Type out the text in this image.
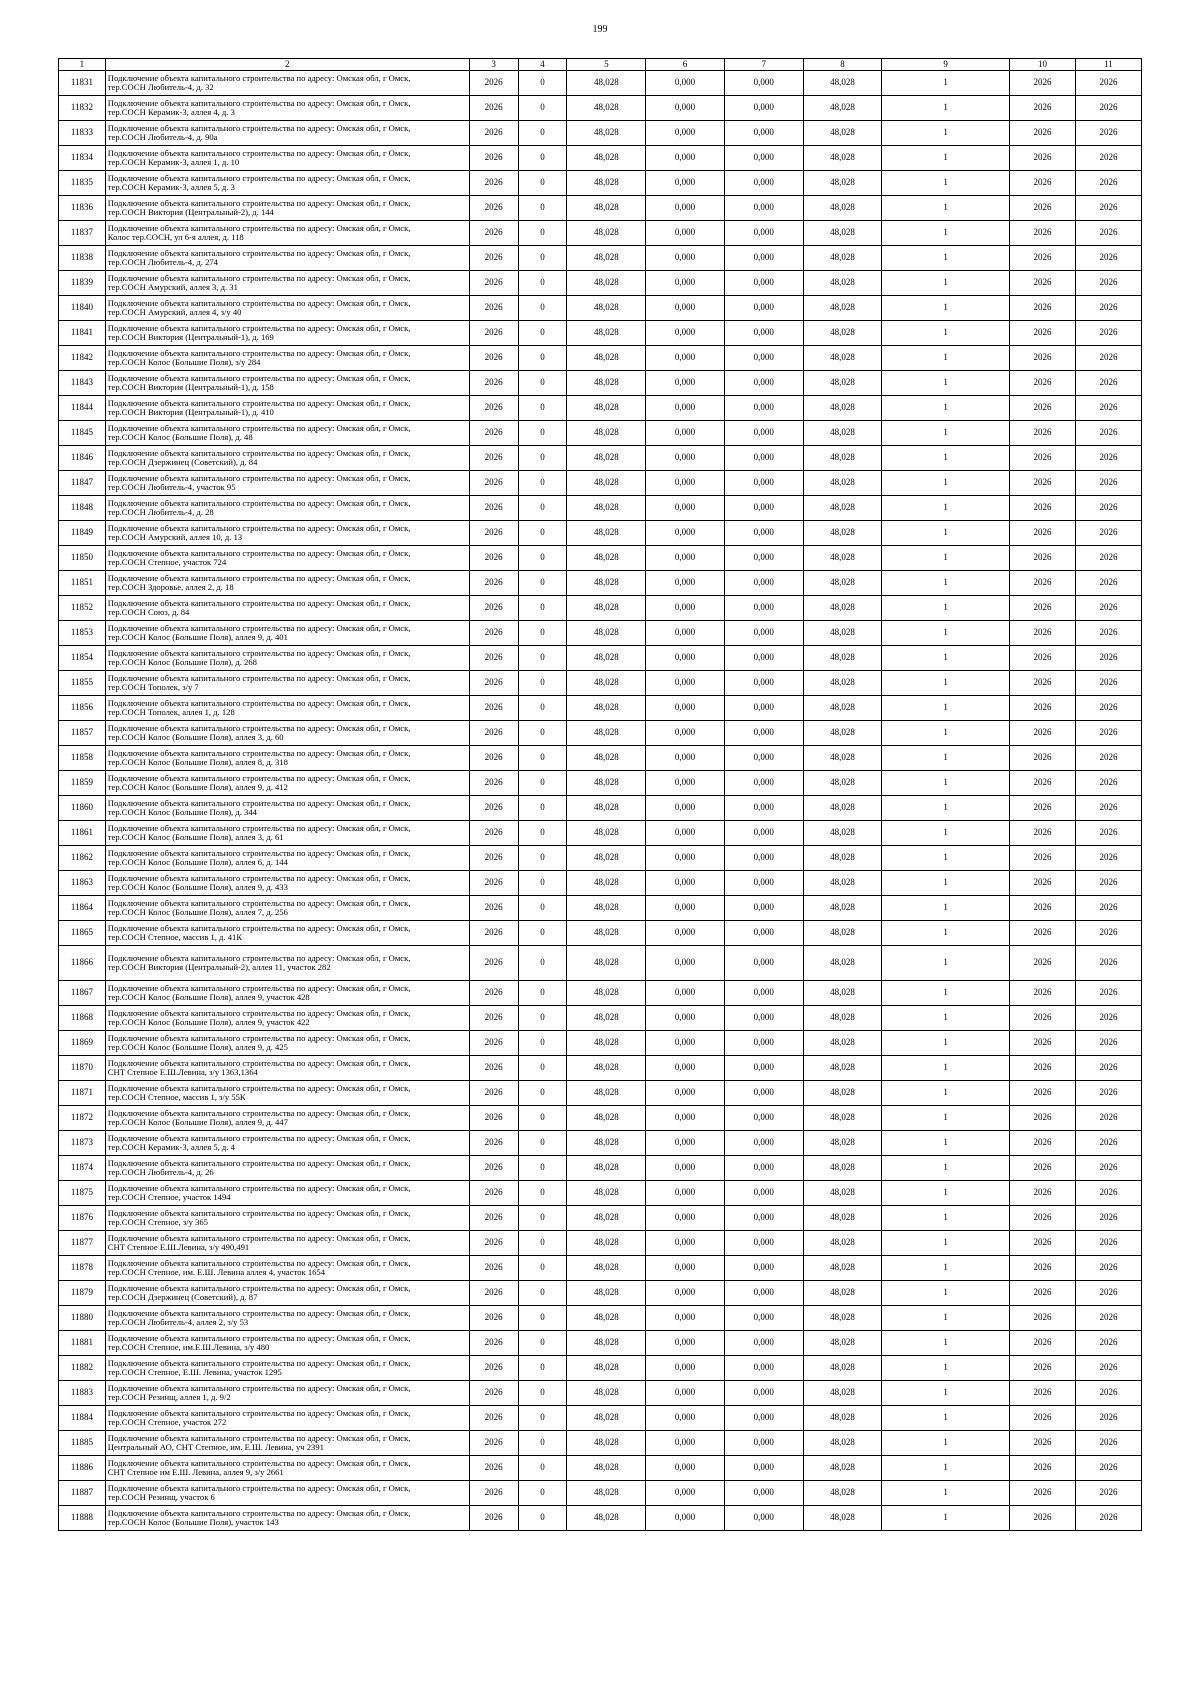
199
1	2	3	4	5	6	7	8	9	10	11
11831	Подключение объекта капитального строительства по адресу: Омская обл, г Омск,
тер.СОСН Любитель-4, д. 32	2026	0	48,028	0,000	0,000	48,028	1	2026	2026
11832	Подключение объекта капитального строительства по адресу: Омская обл, г Омск,
тер.СОСН Керамик-3, аллея 4, д. 3	2026	0	48,028	0,000	0,000	48,028	1	2026	2026
11833	Подключение объекта капитального строительства по адресу: Омская обл, г Омск,
тер.СОСН Любитель-4, д. 90а	2026	0	48,028	0,000	0,000	48,028	1	2026	2026
11834	Подключение объекта капитального строительства по адресу: Омская обл, г Омск,
тер.СОСН Керамик-3, аллея 1, д. 10	2026	0	48,028	0,000	0,000	48,028	1	2026	2026
11835	Подключение объекта капитального строительства по адресу: Омская обл, г Омск,
тер.СОСН Керамик-3, аллея 5, д. 3	2026	0	48,028	0,000	0,000	48,028	1	2026	2026
11836	Подключение объекта капитального строительства по адресу: Омская обл, г Омск,
тер.СОСН Виктория (Центральный-2), д. 144	2026	0	48,028	0,000	0,000	48,028	1	2026	2026
11837	Подключение объекта капитального строительства по адресу: Омская обл, г Омск,
Колос тер.СОСН, ул 6-я аллея, д. 118	2026	0	48,028	0,000	0,000	48,028	1	2026	2026
11838	Подключение объекта капитального строительства по адресу: Омская обл, г Омск,
тер.СОСН Любитель-4, д. 274	2026	0	48,028	0,000	0,000	48,028	1	2026	2026
11839	Подключение объекта капитального строительства по адресу: Омская обл, г Омск,
тер.СОСН Амурский, аллея 3, д. 31	2026	0	48,028	0,000	0,000	48,028	1	2026	2026
11840	Подключение объекта капитального строительства по адресу: Омская обл, г Омск,
тер.СОСН Амурский, аллея 4, з/у 40	2026	0	48,028	0,000	0,000	48,028	1	2026	2026
11841	Подключение объекта капитального строительства по адресу: Омская обл, г Омск,
тер.СОСН Виктория (Центральный-1), д. 169	2026	0	48,028	0,000	0,000	48,028	1	2026	2026
11842	Подключение объекта капитального строительства по адресу: Омская обл, г Омск,
тер.СОСН Колос (Большие Поля), з/у 284	2026	0	48,028	0,000	0,000	48,028	1	2026	2026
11843	Подключение объекта капитального строительства по адресу: Омская обл, г Омск,
тер.СОСН Виктория (Центральный-1), д. 158	2026	0	48,028	0,000	0,000	48,028	1	2026	2026
11844	Подключение объекта капитального строительства по адресу: Омская обл, г Омск,
тер.СОСН Виктория (Центральный-1), д. 410	2026	0	48,028	0,000	0,000	48,028	1	2026	2026
11845	Подключение объекта капитального строительства по адресу: Омская обл, г Омск,
тер.СОСН Колос (Большие Поля), д. 48	2026	0	48,028	0,000	0,000	48,028	1	2026	2026
11846	Подключение объекта капитального строительства по адресу: Омская обл, г Омск,
тер.СОСН Дзержинец (Советский), д. 84	2026	0	48,028	0,000	0,000	48,028	1	2026	2026
11847	Подключение объекта капитального строительства по адресу: Омская обл, г Омск,
тер.СОСН Любитель-4, участок 95	2026	0	48,028	0,000	0,000	48,028	1	2026	2026
11848	Подключение объекта капитального строительства по адресу: Омская обл, г Омск,
тер.СОСН Любитель-4, д. 28	2026	0	48,028	0,000	0,000	48,028	1	2026	2026
11849	Подключение объекта капитального строительства по адресу: Омская обл, г Омск,
тер.СОСН Амурский, аллея 10, д. 13	2026	0	48,028	0,000	0,000	48,028	1	2026	2026
11850	Подключение объекта капитального строительства по адресу: Омская обл, г Омск,
тер.СОСН Степное, участок 724	2026	0	48,028	0,000	0,000	48,028	1	2026	2026
11851	Подключение объекта капитального строительства по адресу: Омская обл, г Омск,
тер.СОСН Здоровье, аллея 2, д. 18	2026	0	48,028	0,000	0,000	48,028	1	2026	2026
11852	Подключение объекта капитального строительства по адресу: Омская обл, г Омск,
тер.СОСН Союз, д. 84	2026	0	48,028	0,000	0,000	48,028	1	2026	2026
11853	Подключение объекта капитального строительства по адресу: Омская обл, г Омск,
тер.СОСН Колос (Большие Поля), аллея 9, д. 401	2026	0	48,028	0,000	0,000	48,028	1	2026	2026
11854	Подключение объекта капитального строительства по адресу: Омская обл, г Омск,
тер.СОСН Колос (Большие Поля), д. 268	2026	0	48,028	0,000	0,000	48,028	1	2026	2026
11855	Подключение объекта капитального строительства по адресу: Омская обл, г Омск,
тер.СОСН Тополек, з/у 7	2026	0	48,028	0,000	0,000	48,028	1	2026	2026
11856	Подключение объекта капитального строительства по адресу: Омская обл, г Омск,
тер.СОСН Тополек, аллея 1, д. 128	2026	0	48,028	0,000	0,000	48,028	1	2026	2026
11857	Подключение объекта капитального строительства по адресу: Омская обл, г Омск,
тер.СОСН Колос (Большие Поля), аллея 3, д. 60	2026	0	48,028	0,000	0,000	48,028	1	2026	2026
11858	Подключение объекта капитального строительства по адресу: Омская обл, г Омск,
тер.СОСН Колос (Большие Поля), аллея 8, д. 318	2026	0	48,028	0,000	0,000	48,028	1	2026	2026
11859	Подключение объекта капитального строительства по адресу: Омская обл, г Омск,
тер.СОСН Колос (Большие Поля), аллея 9, д. 412	2026	0	48,028	0,000	0,000	48,028	1	2026	2026
11860	Подключение объекта капитального строительства по адресу: Омская обл, г Омск,
тер.СОСН Колос (Большие Поля), д. 344	2026	0	48,028	0,000	0,000	48,028	1	2026	2026
11861	Подключение объекта капитального строительства по адресу: Омская обл, г Омск,
тер.СОСН Колос (Большие Поля), аллея 3, д. 61	2026	0	48,028	0,000	0,000	48,028	1	2026	2026
11862	Подключение объекта капитального строительства по адресу: Омская обл, г Омск,
тер.СОСН Колос (Большие Поля), аллея 6, д. 144	2026	0	48,028	0,000	0,000	48,028	1	2026	2026
11863	Подключение объекта капитального строительства по адресу: Омская обл, г Омск,
тер.СОСН Колос (Большие Поля), аллея 9, д. 433	2026	0	48,028	0,000	0,000	48,028	1	2026	2026
11864	Подключение объекта капитального строительства по адресу: Омская обл, г Омск,
тер.СОСН Колос (Большие Поля), аллея 7, д. 256	2026	0	48,028	0,000	0,000	48,028	1	2026	2026
11865	Подключение объекта капитального строительства по адресу: Омская обл, г Омск,
тер.СОСН Степное, массив 1, д. 41К	2026	0	48,028	0,000	0,000	48,028	1	2026	2026
11866	Подключение объекта капитального строительства по адресу: Омская обл, г Омск,
тер.СОСН Виктория (Центральный-2), аллея 11, участок 282	2026	0	48,028	0,000	0,000	48,028	1	2026	2026
11867	Подключение объекта капитального строительства по адресу: Омская обл, г Омск,
тер.СОСН Колос (Большие Поля), аллея 9, участок 428	2026	0	48,028	0,000	0,000	48,028	1	2026	2026
11868	Подключение объекта капитального строительства по адресу: Омская обл, г Омск,
тер.СОСН Колос (Большие Поля), аллея 9, участок 422	2026	0	48,028	0,000	0,000	48,028	1	2026	2026
11869	Подключение объекта капитального строительства по адресу: Омская обл, г Омск,
тер.СОСН Колос (Большие Поля), аллея 9, д. 425	2026	0	48,028	0,000	0,000	48,028	1	2026	2026
11870	Подключение объекта капитального строительства по адресу: Омская обл, г Омск,
СНТ Степное Е.Ш.Левина, з/у 1363,1364	2026	0	48,028	0,000	0,000	48,028	1	2026	2026
11871	Подключение объекта капитального строительства по адресу: Омская обл, г Омск,
тер.СОСН Степное, массив 1, з/у 55К	2026	0	48,028	0,000	0,000	48,028	1	2026	2026
11872	Подключение объекта капитального строительства по адресу: Омская обл, г Омск,
тер.СОСН Колос (Большие Поля), аллея 9, д. 447	2026	0	48,028	0,000	0,000	48,028	1	2026	2026
11873	Подключение объекта капитального строительства по адресу: Омская обл, г Омск,
тер.СОСН Керамик-3, аллея 5, д. 4	2026	0	48,028	0,000	0,000	48,028	1	2026	2026
11874	Подключение объекта капитального строительства по адресу: Омская обл, г Омск,
тер.СОСН Любитель-4, д. 26	2026	0	48,028	0,000	0,000	48,028	1	2026	2026
11875	Подключение объекта капитального строительства по адресу: Омская обл, г Омск,
тер.СОСН Степное, участок 1494	2026	0	48,028	0,000	0,000	48,028	1	2026	2026
11876	Подключение объекта капитального строительства по адресу: Омская обл, г Омск,
тер.СОСН Степное, з/у 365	2026	0	48,028	0,000	0,000	48,028	1	2026	2026
11877	Подключение объекта капитального строительства по адресу: Омская обл, г Омск,
СНТ Степное Е.Ш.Левина, з/у 490,491	2026	0	48,028	0,000	0,000	48,028	1	2026	2026
11878	Подключение объекта капитального строительства по адресу: Омская обл, г Омск,
тер.СОСН Степное, им. Е.Ш. Левина аллея 4, участок 1654	2026	0	48,028	0,000	0,000	48,028	1	2026	2026
11879	Подключение объекта капитального строительства по адресу: Омская обл, г Омск,
тер.СОСН Дзержинец (Советский), д. 87	2026	0	48,028	0,000	0,000	48,028	1	2026	2026
11880	Подключение объекта капитального строительства по адресу: Омская обл, г Омск,
тер.СОСН Любитель-4, аллея 2, з/у 53	2026	0	48,028	0,000	0,000	48,028	1	2026	2026
11881	Подключение объекта капитального строительства по адресу: Омская обл, г Омск,
тер.СОСН Степное, им.Е.Ш.Левина, з/у 480	2026	0	48,028	0,000	0,000	48,028	1	2026	2026
11882	Подключение объекта капитального строительства по адресу: Омская обл, г Омск,
тер.СОСН Степное, Е.Ш. Левина, участок 1295	2026	0	48,028	0,000	0,000	48,028	1	2026	2026
11883	Подключение объекта капитального строительства по адресу: Омская обл, г Омск,
тер.СОСН Резинщ, аллея 1, д. 9/2	2026	0	48,028	0,000	0,000	48,028	1	2026	2026
11884	Подключение объекта капитального строительства по адресу: Омская обл, г Омск,
тер.СОСН Степное, участок 272	2026	0	48,028	0,000	0,000	48,028	1	2026	2026
11885	Подключение объекта капитального строительства по адресу: Омская обл, г Омск,
Центральный АО, СНТ Степное, им. Е.Ш. Левина, уч 2391	2026	0	48,028	0,000	0,000	48,028	1	2026	2026
11886	Подключение объекта капитального строительства по адресу: Омская обл, г Омск,
СНТ Степное им Е.Ш. Левина, аллея 9, з/у 2661	2026	0	48,028	0,000	0,000	48,028	1	2026	2026
11887	Подключение объекта капитального строительства по адресу: Омская обл, г Омск,
тер.СОСН Резинщ, участок 6	2026	0	48,028	0,000	0,000	48,028	1	2026	2026
11888	Подключение объекта капитального строительства по адресу: Омская обл, г Омск,
тер.СОСН Колос (Большие Поля), участок 143	2026	0	48,028	0,000	0,000	48,028	1	2026	2026
